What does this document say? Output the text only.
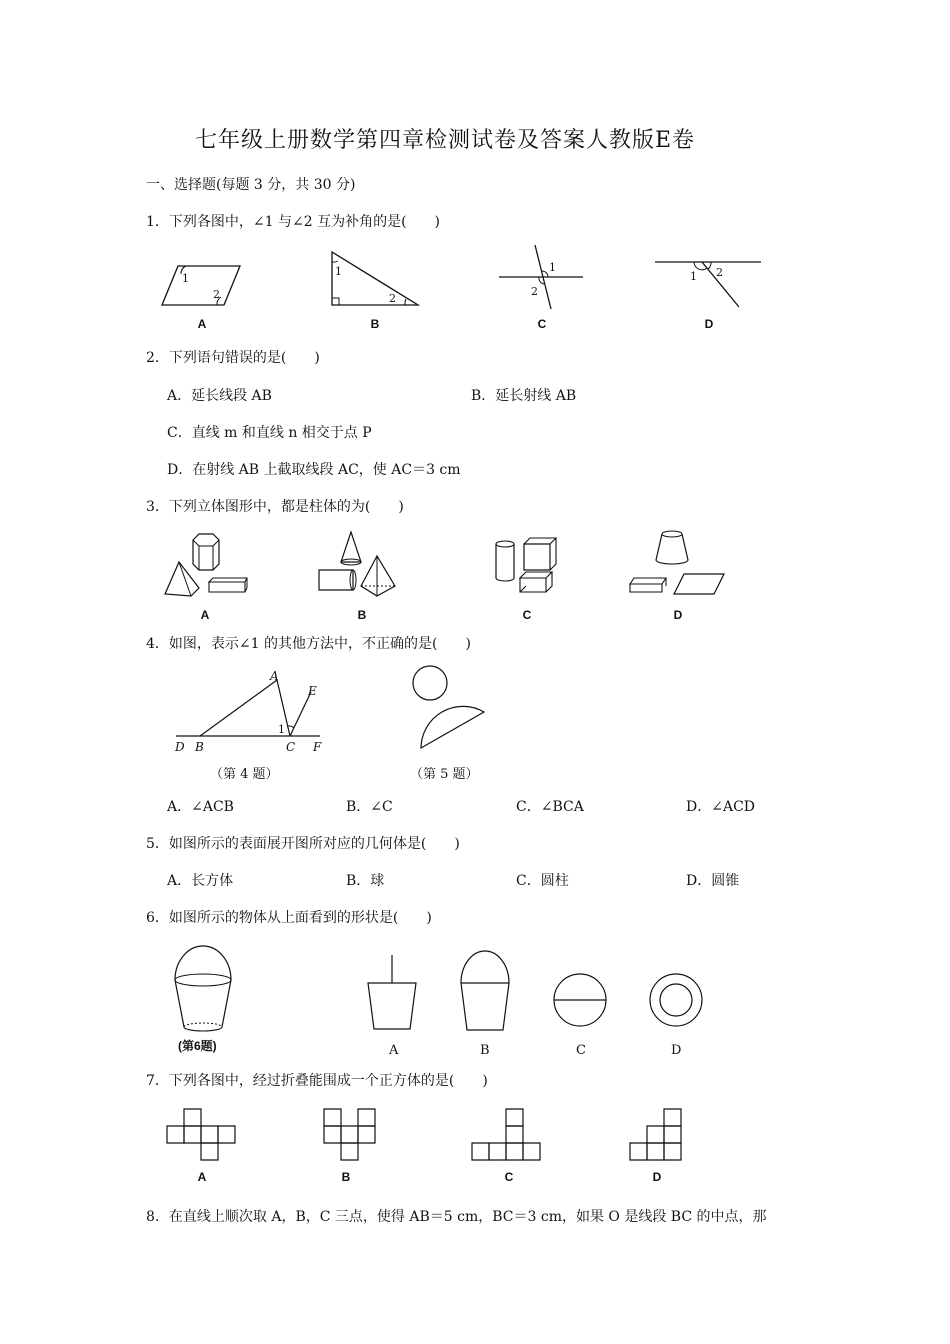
七年级上册数学第四章检测试卷及答案人教版E卷
一、选择题(每题 3 分，共 30 分)
1．下列各图中，∠1 与∠2 互为补角的是(　　)
1
2
1
2
1
2
1 2
A	B	C	D
2．下列语句错误的是(　　)
A．延长线段 AB	B．延长射线 AB
C．直线 m 和直线 n 相交于点 P
D．在射线 AB 上截取线段 AC，使 AC＝3 cm
3．下列立体图形中，都是柱体的为(　　)
A	B	C	D
4．如图，表示∠1 的其他方法中，不正确的是(　　)
A
E
1
D B	C F
（第 4 题）	（第 5 题）
A．∠ACB	B．∠C	C．∠BCA	D．∠ACD
5．如图所示的表面展开图所对应的几何体是(　　)
A．长方体	B．球	C．圆柱	D．圆锥
6．如图所示的物体从上面看到的形状是(　　)
(第6题)	A	B	C	D
7．下列各图中，经过折叠能围成一个正方体的是(　　)
A	B	C	D
8．在直线上顺次取 A，B，C 三点，使得 AB＝5 cm，BC＝3 cm，如果 O 是线段 BC 的中点，那
